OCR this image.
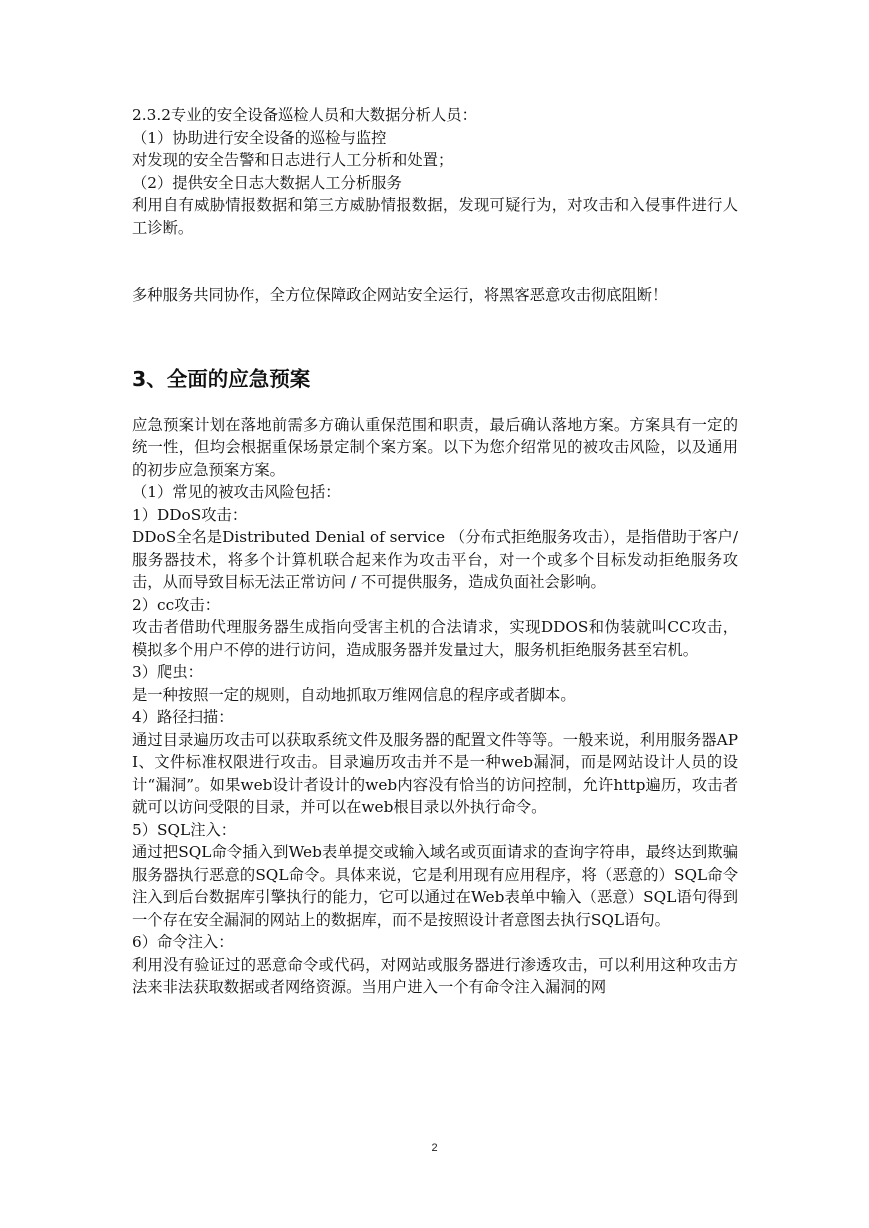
2.3.2专业的安全设备巡检人员和大数据分析人员：
（1）协助进行安全设备的巡检与监控
对发现的安全告警和日志进行人工分析和处置；
（2）提供安全日志大数据人工分析服务
利用自有威胁情报数据和第三方威胁情报数据，发现可疑行为，对攻击和入侵事件进行人工诊断。
多种服务共同协作，全方位保障政企网站安全运行，将黑客恶意攻击彻底阻断！
3、全面的应急预案
应急预案计划在落地前需多方确认重保范围和职责，最后确认落地方案。方案具有一定的统一性，但均会根据重保场景定制个案方案。以下为您介绍常见的被攻击风险，以及通用的初步应急预案方案。
（1）常见的被攻击风险包括：
1）DDoS攻击：
DDoS全名是Distributed Denial of service （分布式拒绝服务攻击），是指借助于客户/服务器技术，将多个计算机联合起来作为攻击平台，对一个或多个目标发动拒绝服务攻击，从而导致目标无法正常访问 / 不可提供服务，造成负面社会影响。
2）cc攻击：
攻击者借助代理服务器生成指向受害主机的合法请求，实现DDOS和伪装就叫CC攻击，模拟多个用户不停的进行访问，造成服务器并发量过大，服务机拒绝服务甚至宕机。
3）爬虫：
是一种按照一定的规则，自动地抓取万维网信息的程序或者脚本。
4）路径扫描：
通过目录遍历攻击可以获取系统文件及服务器的配置文件等等。一般来说，利用服务器API、文件标准权限进行攻击。目录遍历攻击并不是一种web漏洞，而是网站设计人员的设计“漏洞”。如果web设计者设计的web内容没有恰当的访问控制，允许http遍历，攻击者就可以访问受限的目录，并可以在web根目录以外执行命令。
5）SQL注入：
通过把SQL命令插入到Web表单提交或输入域名或页面请求的查询字符串，最终达到欺骗服务器执行恶意的SQL命令。具体来说，它是利用现有应用程序，将（恶意的）SQL命令注入到后台数据库引擎执行的能力，它可以通过在Web表单中输入（恶意）SQL语句得到一个存在安全漏洞的网站上的数据库，而不是按照设计者意图去执行SQL语句。
6）命令注入：
利用没有验证过的恶意命令或代码，对网站或服务器进行渗透攻击，可以利用这种攻击方法来非法获取数据或者网络资源。当用户进入一个有命令注入漏洞的网
2
